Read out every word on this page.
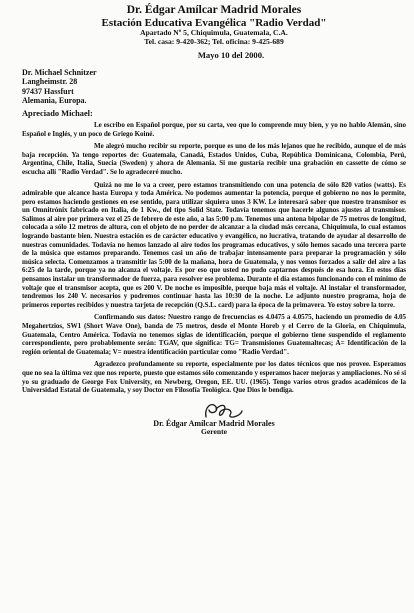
Dr. Édgar Amílcar Madrid Morales
Estación Educativa Evangélica "Radio Verdad"
Apartado Nº 5, Chiquimula, Guatemala, C.A.
Tel. casa: 9-420-362; Tel. oficina: 9-425-689
Mayo 10 del 2000.
Dr. Michael Schnitzer
Langheimstr. 28
97437 Hassfurt
Alemania, Europa.
Apreciado Michael:

Le escribo en Español porque, por su carta, veo que lo comprende muy bien, y yo no hablo Alemán, sino Español e Inglés, y un poco de Griego Koiné.

Me alegró mucho recibir su reporte, porque es uno de los más lejanos que he recibido, aunque el de más baja recepción. Ya tengo reportes de: Guatemala, Canadá, Estados Unidos, Cuba, República Dominicana, Colombia, Perú, Argentina, Chile, Italia, Suecia (Sweden) y ahora de Alemania. Si me gustaría recibir una grabación en cassette de cómo se escucha allí "Radio Verdad". Se lo agradeceré mucho.

Quizá no me lo va a creer, pero estamos transmitiendo con una potencia de sólo 820 vatios (watts). Es admirable que alcance hasta Europa y toda América. No podemos aumentar la potencia, porque el gobierno no nos lo permite, pero estamos haciendo gestiones en ese sentido, para utilizar siquiera unos 3 KW. Le interesará saber que nuestro transmisor es un Omnitrónix fabricado en Italia, de 1 Kw., del tipo Solid State. Todavía tenemos que hacerle algunos ajustes al transmisor. Salimos al aire por primera vez el 25 de febrero de este año, a las 5:00 p.m. Tenemos una antena bipolar de 75 metros de longitud, colocada a sólo 12 metros de altura, con el objeto de no perder de alcanzar a la ciudad más cercana, Chiquimula, lo cual estamos logrando bastante bien. Nuestra estación es de carácter educativo y evangélico, no lucrativa, tratando de ayudar al desarrollo de nuestras comunidades. Todavía no hemos lanzado al aire todos los programas educativos, y sólo hemos sacado una tercera parte de la música que estamos preparando. Tenemos casi un año de trabajar intensamente para preparar la programación y sólo música selecta. Comenzamos a transmitir las 5:00 de la mañana, hora de Guatemala, y nos vemos forzados a salir del aire a las 6:25 de la tarde, porque ya no alcanza el voltaje. Es por eso que usted no pudo captarnos después de esa hora. En estos días pensamos instalar un transformador de fuerza, para resolver ese problema. Durante el día estamos funcionando con el mínimo de voltaje que el transmisor acepta, que es 200 V. De noche es imposible, porque baja más el voltaje. Al instalar el transformador, tendremos los 240 V. necesarios y podremos continuar hasta las 10:30 de la noche. Le adjunto nuestro programa, hoja de primeros reportes recibidos y nuestra tarjeta de recepción (Q.S.L. card) para la época de la primavera. Yo estoy sobre la torre.

Confirmando sus datos: Nuestro rango de frecuencias es 4.0475 a 4.0575, haciendo un promedio de 4.05 Megahertzios, SW1 (Short Wave One), banda de 75 metros, desde el Monte Horeb y el Cerro de la Gloria, en Chiquimula, Guatemala, Centro América. Todavía no tenemos siglas de identificación, porque el gobierno tiene suspendido el reglamento correspondiente, pero probablemente serán: TGAV, que significa: TG= Transmisiones Guatemaltecas; A= Identificación de la región oriental de Guatemala; V= nuestra identificación particular como "Radio Verdad".

Agradezco profundamente su reporte, especialmente por los datos técnicos que nos provee. Esperamos que no sea la última vez que nos reporte, puesto que estamos sólo comenzando y esperamos hacer mejoras y ampliaciones. No sé si yo su graduado de George Fox University, en Newberg, Oregon, EE. UU. (1965). Tengo varios otros grados académicos de la Universidad Estatal de Guatemala, y soy Doctor en Filosofía Teológica. Que Dios le bendiga.

Dr. Édgar Amílcar Madrid Morales
Gerente
